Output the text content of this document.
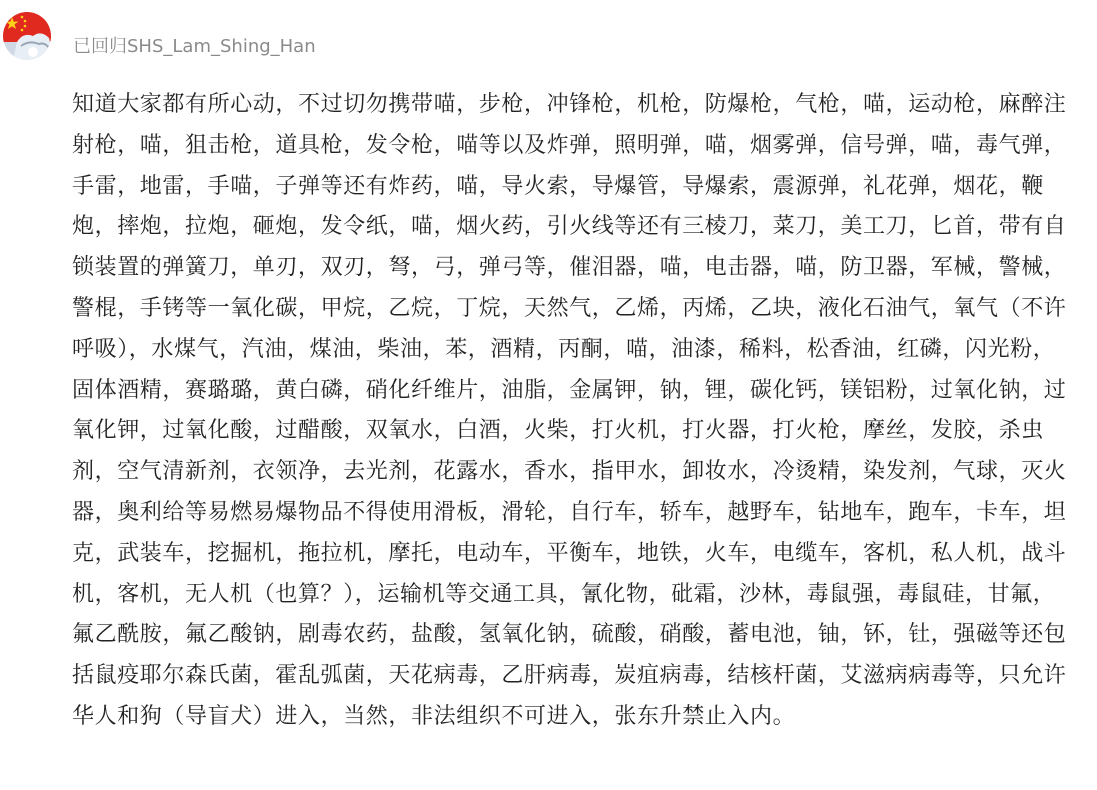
已回归SHS_Lam_Shing_Han

知道大家都有所心动，不过切勿携带喵，步枪，冲锋枪，机枪，防爆枪，气枪，喵，运动枪，麻醉注射枪，喵，狙击枪，道具枪，发令枪，喵等以及炸弹，照明弹，喵，烟雾弹，信号弹，喵，毒气弹，手雷，地雷，手喵，子弹等还有炸药，喵，导火索，导爆管，导爆索，震源弹，礼花弹，烟花，鞭炮，摔炮，拉炮，砸炮，发令纸，喵，烟火药，引火线等还有三棱刀，菜刀，美工刀，匕首，带有自锁装置的弹簧刀，单刃，双刃，弩，弓，弹弓等，催泪器，喵，电击器，喵，防卫器，军械，警械，警棍，手铐等一氧化碳，甲烷，乙烷，丁烷，天然气，乙烯，丙烯，乙块，液化石油气，氧气（不许呼吸），水煤气，汽油，煤油，柴油，苯，酒精，丙酮，喵，油漆，稀料，松香油，红磷，闪光粉，固体酒精，赛璐璐，黄白磷，硝化纤维片，油脂，金属钾，钠，锂，碳化钙，镁铝粉，过氧化钠，过氧化钾，过氧化酸，过醋酸，双氧水，白酒，火柴，打火机，打火器，打火枪，摩丝，发胶，杀虫剂，空气清新剂，衣领净，去光剂，花露水，香水，指甲水，卸妆水，冷烫精，染发剂，气球，灭火器，奥利给等易燃易爆物品不得使用滑板，滑轮，自行车，轿车，越野车，钻地车，跑车，卡车，坦克，武装车，挖掘机，拖拉机，摩托，电动车，平衡车，地铁，火车，电缆车，客机，私人机，战斗机，客机，无人机（也算？），运输机等交通工具，氰化物，砒霜，沙林，毒鼠强，毒鼠硅，甘氟，氟乙酰胺，氟乙酸钠，剧毒农药，盐酸，氢氧化钠，硫酸，硝酸，蓄电池，铀，钚，钍，强磁等还包括鼠疫耶尔森氏菌，霍乱弧菌，天花病毒，乙肝病毒，炭疽病毒，结核杆菌，艾滋病病毒等，只允许华人和狗（导盲犬）进入，当然，非法组织不可进入，张东升禁止入内。
